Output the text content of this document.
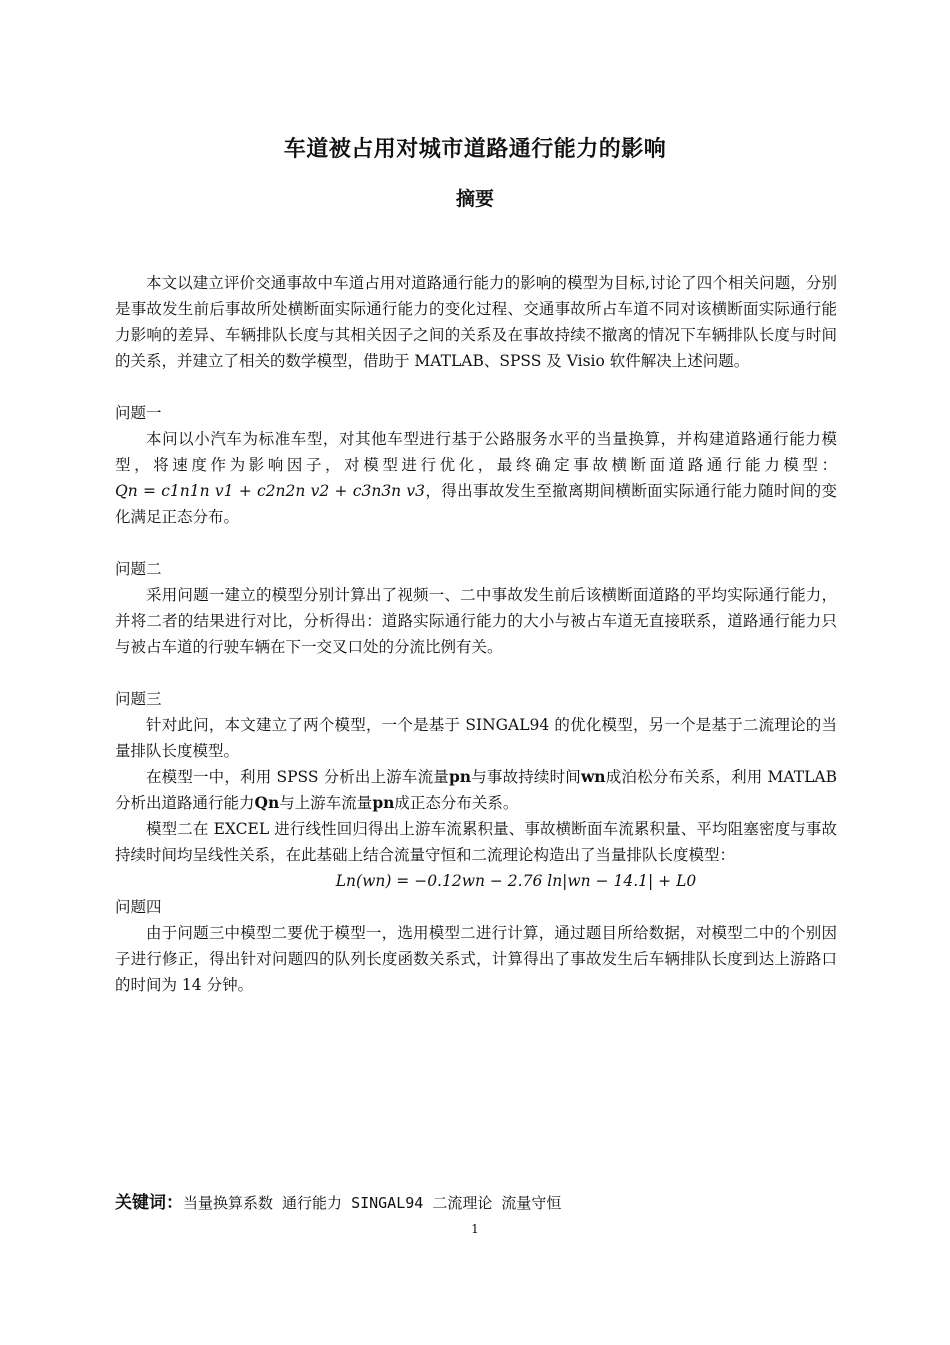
车道被占用对城市道路通行能力的影响
摘要

本文以建立评价交通事故中车道占用对道路通行能力的影响的模型为目标,讨论了四个相关问题，分别是事故发生前后事故所处横断面实际通行能力的变化过程、交通事故所占车道不同对该横断面实际通行能力影响的差异、车辆排队长度与其相关因子之间的关系及在事故持续不撤离的情况下车辆排队长度与时间的关系，并建立了相关的数学模型，借助于 MATLAB、SPSS 及 Visio 软件解决上述问题。

问题一

本问以小汽车为标准车型，对其他车型进行基于公路服务水平的当量换算，并构建道路通行能力模型，将速度作为影响因子，对模型进行优化，最终确定事故横断面道路通行能力模型：Qn = c1n1n v1 + c2n2n v2 + c3n3n v3，得出事故发生至撤离期间横断面实际通行能力随时间的变化满足正态分布。

问题二

采用问题一建立的模型分别计算出了视频一、二中事故发生前后该横断面道路的平均实际通行能力，并将二者的结果进行对比，分析得出：道路实际通行能力的大小与被占车道无直接联系，道路通行能力只与被占车道的行驶车辆在下一交叉口处的分流比例有关。

问题三

针对此问，本文建立了两个模型，一个是基于 SINGAL94 的优化模型，另一个是基于二流理论的当量排队长度模型。

在模型一中，利用 SPSS 分析出上游车流量pn与事故持续时间wn成泊松分布关系，利用 MATLAB 分析出道路通行能力Qn与上游车流量pn成正态分布关系。

模型二在 EXCEL 进行线性回归得出上游车流累积量、事故横断面车流累积量、平均阻塞密度与事故持续时间均呈线性关系，在此基础上结合流量守恒和二流理论构造出了当量排队长度模型：

Ln(wn) = −0.12wn − 2.76 ln|wn − 14.1| + L0

问题四

由于问题三中模型二要优于模型一，选用模型二进行计算，通过题目所给数据，对模型二中的个别因子进行修正，得出针对问题四的队列长度函数关系式，计算得出了事故发生后车辆排队长度到达上游路口的时间为 14 分钟。

关键词：当量换算系数 通行能力 SINGAL94 二流理论 流量守恒
1
